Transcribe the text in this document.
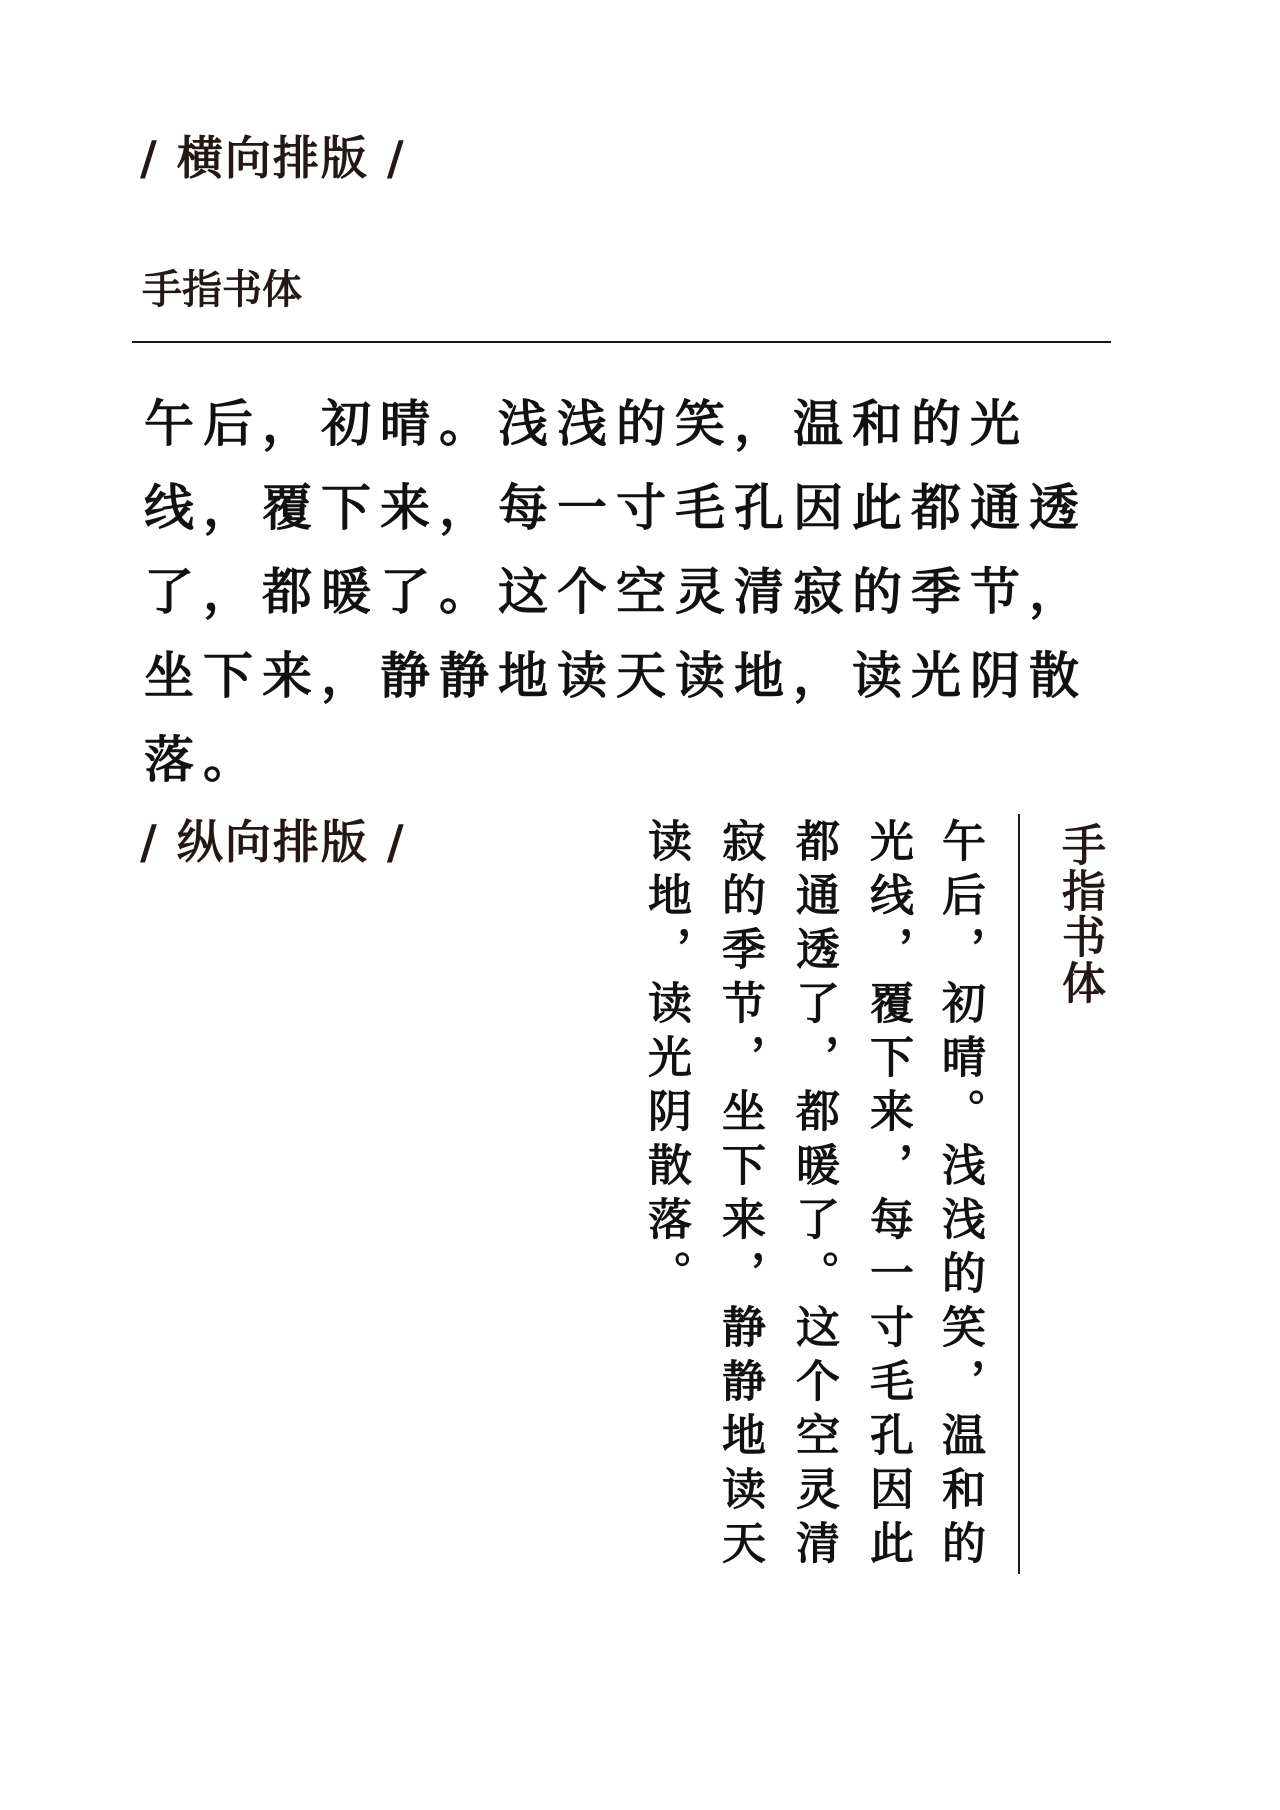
/ 横向排版 /
手指书体

午后，初晴。浅浅的笑，温和的光线，覆下来，每一寸毛孔因此都通透了，都暖了。这个空灵清寂的季节，坐下来，静静地读天读地，读光阴散落。

/ 纵向排版 /	午后，初晴。浅浅的笑，温和的
光线，覆下来，每一寸毛孔因此
都通透了，都暖了。这个空灵清
寂的季节，坐下来，静静地读天
读地，读光阴散落。	手指书体
